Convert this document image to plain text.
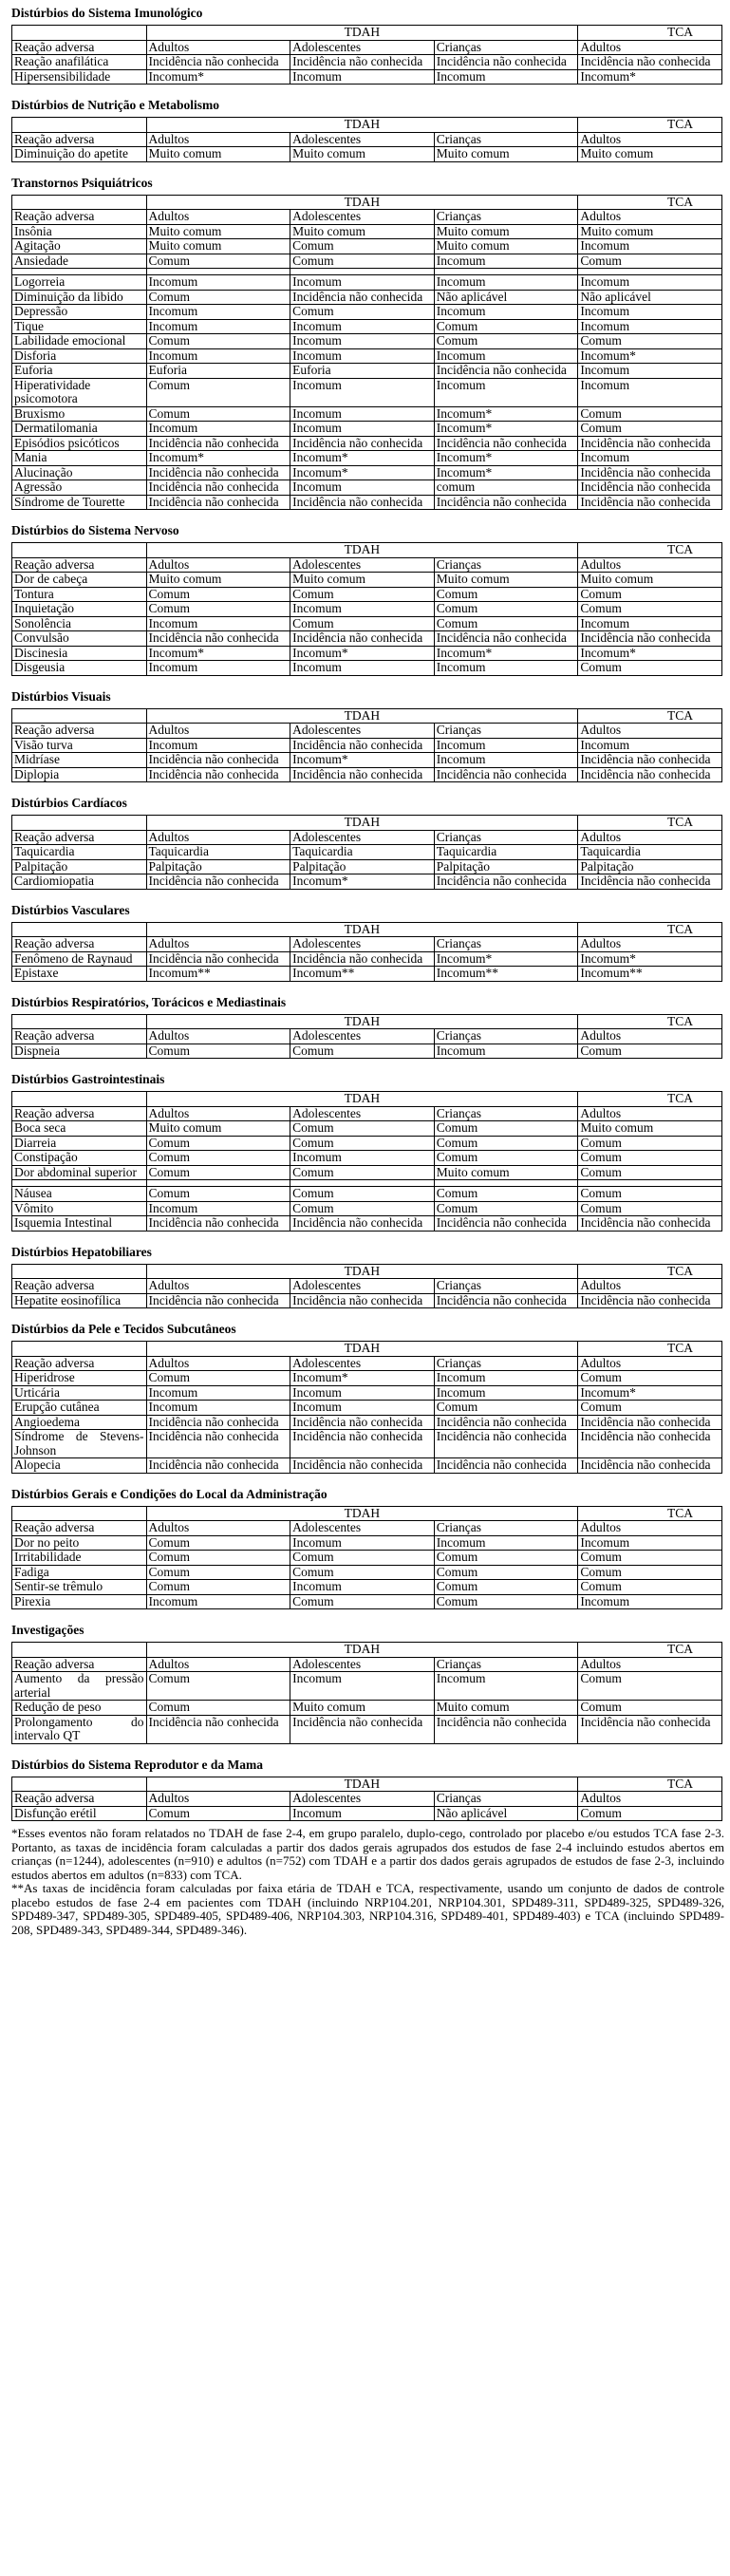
Distúrbios do Sistema Imunológico
	TDAH			TCA
Reação adversa	Adultos	Adolescentes	Crianças	Adultos
Reação anafilática	Incidência não conhecida	Incidência não conhecida	Incidência não conhecida	Incidência não conhecida
Hipersensibilidade	Incomum*	Incomum	Incomum	Incomum*
Distúrbios de Nutrição e Metabolismo
	TDAH			TCA
Reação adversa	Adultos	Adolescentes	Crianças	Adultos
Diminuição do apetite	Muito comum	Muito comum	Muito comum	Muito comum
Transtornos Psiquiátricos
	TDAH			TCA
Reação adversa	Adultos	Adolescentes	Crianças	Adultos
Insônia	Muito comum	Muito comum	Muito comum	Muito comum
Agitação	Muito comum	Comum	Muito comum	Incomum
Ansiedade	Comum	Comum	Incomum	Comum

Logorreia	Incomum	Incomum	Incomum	Incomum
Diminuição da libido	Comum	Incidência não conhecida	Não aplicável	Não aplicável
Depressão	Incomum	Comum	Incomum	Incomum
Tique	Incomum	Incomum	Comum	Incomum
Labilidade emocional	Comum	Incomum	Comum	Comum
Disforia	Incomum	Incomum	Incomum	Incomum*
Euforia	Euforia	Euforia	Incidência não conhecida	Incomum
Hiperatividade psicomotora	Comum	Incomum	Incomum	Incomum
Bruxismo	Comum	Incomum	Incomum*	Comum
Dermatilomania	Incomum	Incomum	Incomum*	Comum
Episódios psicóticos	Incidência não conhecida	Incidência não conhecida	Incidência não conhecida	Incidência não conhecida
Mania	Incomum*	Incomum*	Incomum*	Incomum
Alucinação	Incidência não conhecida	Incomum*	Incomum*	Incidência não conhecida
Agressão	Incidência não conhecida	Incomum	comum	Incidência não conhecida
Síndrome de Tourette	Incidência não conhecida	Incidência não conhecida	Incidência não conhecida	Incidência não conhecida
Distúrbios do Sistema Nervoso
	TDAH			TCA
Reação adversa	Adultos	Adolescentes	Crianças	Adultos
Dor de cabeça	Muito comum	Muito comum	Muito comum	Muito comum
Tontura	Comum	Comum	Comum	Comum
Inquietação	Comum	Incomum	Comum	Comum
Sonolência	Incomum	Comum	Comum	Incomum
Convulsão	Incidência não conhecida	Incidência não conhecida	Incidência não conhecida	Incidência não conhecida
Discinesia	Incomum*	Incomum*	Incomum*	Incomum*
Disgeusia	Incomum	Incomum	Incomum	Comum
Distúrbios Visuais
	TDAH			TCA
Reação adversa	Adultos	Adolescentes	Crianças	Adultos
Visão turva	Incomum	Incidência não conhecida	Incomum	Incomum
Midríase	Incidência não conhecida	Incomum*	Incomum	Incidência não conhecida
Diplopia	Incidência não conhecida	Incidência não conhecida	Incidência não conhecida	Incidência não conhecida
Distúrbios Cardíacos
	TDAH			TCA
Reação adversa	Adultos	Adolescentes	Crianças	Adultos
Taquicardia	Taquicardia	Taquicardia	Taquicardia	Taquicardia
Palpitação	Palpitação	Palpitação	Palpitação	Palpitação
Cardiomiopatia	Incidência não conhecida	Incomum*	Incidência não conhecida	Incidência não conhecida
Distúrbios Vasculares
	TDAH			TCA
Reação adversa	Adultos	Adolescentes	Crianças	Adultos
Fenômeno de Raynaud	Incidência não conhecida	Incidência não conhecida	Incomum*	Incomum*
Epistaxe	Incomum**	Incomum**	Incomum**	Incomum**
Distúrbios Respiratórios, Torácicos e Mediastinais
	TDAH			TCA
Reação adversa	Adultos	Adolescentes	Crianças	Adultos
Dispneia	Comum	Comum	Incomum	Comum
Distúrbios Gastrointestinais
	TDAH			TCA
Reação adversa	Adultos	Adolescentes	Crianças	Adultos
Boca seca	Muito comum	Comum	Comum	Muito comum
Diarreia	Comum	Comum	Comum	Comum
Constipação	Comum	Incomum	Comum	Comum
Dor abdominal superior	Comum	Comum	Muito comum	Comum

Náusea	Comum	Comum	Comum	Comum
Vômito	Incomum	Comum	Comum	Comum
Isquemia Intestinal	Incidência não conhecida	Incidência não conhecida	Incidência não conhecida	Incidência não conhecida
Distúrbios Hepatobiliares
	TDAH			TCA
Reação adversa	Adultos	Adolescentes	Crianças	Adultos
Hepatite eosinofílica	Incidência não conhecida	Incidência não conhecida	Incidência não conhecida	Incidência não conhecida
Distúrbios da Pele e Tecidos Subcutâneos
	TDAH			TCA
Reação adversa	Adultos	Adolescentes	Crianças	Adultos
Hiperidrose	Comum	Incomum*	Incomum	Comum
Urticária	Incomum	Incomum	Incomum	Incomum*
Erupção cutânea	Incomum	Incomum	Comum	Comum
Angioedema	Incidência não conhecida	Incidência não conhecida	Incidência não conhecida	Incidência não conhecida
Síndrome de Stevens-Johnson	Incidência não conhecida	Incidência não conhecida	Incidência não conhecida	Incidência não conhecida
Alopecia	Incidência não conhecida	Incidência não conhecida	Incidência não conhecida	Incidência não conhecida
Distúrbios Gerais e Condições do Local da Administração
	TDAH			TCA
Reação adversa	Adultos	Adolescentes	Crianças	Adultos
Dor no peito	Comum	Incomum	Incomum	Incomum
Irritabilidade	Comum	Comum	Comum	Comum
Fadiga	Comum	Comum	Comum	Comum
Sentir-se trêmulo	Comum	Incomum	Comum	Comum
Pirexia	Incomum	Comum	Comum	Incomum
Investigações
	TDAH			TCA
Reação adversa	Adultos	Adolescentes	Crianças	Adultos
Aumento da pressão arterial	Comum	Incomum	Incomum	Comum
Redução de peso	Comum	Muito comum	Muito comum	Comum
Prolongamento do intervalo QT	Incidência não conhecida	Incidência não conhecida	Incidência não conhecida	Incidência não conhecida
Distúrbios do Sistema Reprodutor e da Mama
	TDAH			TCA
Reação adversa	Adultos	Adolescentes	Crianças	Adultos
Disfunção erétil	Comum	Incomum	Não aplicável	Comum

*Esses eventos não foram relatados no TDAH de fase 2-4, em grupo paralelo, duplo-cego, controlado por placebo e/ou estudos TCA fase 2-3. Portanto, as taxas de incidência foram calculadas a partir dos dados gerais agrupados dos estudos de fase 2-4 incluindo estudos abertos em crianças (n=1244), adolescentes (n=910) e adultos (n=752) com TDAH e a partir dos dados gerais agrupados de estudos de fase 2-3, incluindo estudos abertos em adultos (n=833) com TCA.

**As taxas de incidência foram calculadas por faixa etária de TDAH e TCA, respectivamente, usando um conjunto de dados de controle placebo estudos de fase 2-4 em pacientes com TDAH (incluindo NRP104.201, NRP104.301, SPD489-311, SPD489-325, SPD489-326, SPD489-347, SPD489-305, SPD489-405, SPD489-406, NRP104.303, NRP104.316, SPD489-401, SPD489-403) e TCA (incluindo SPD489-208, SPD489-343, SPD489-344, SPD489-346).
